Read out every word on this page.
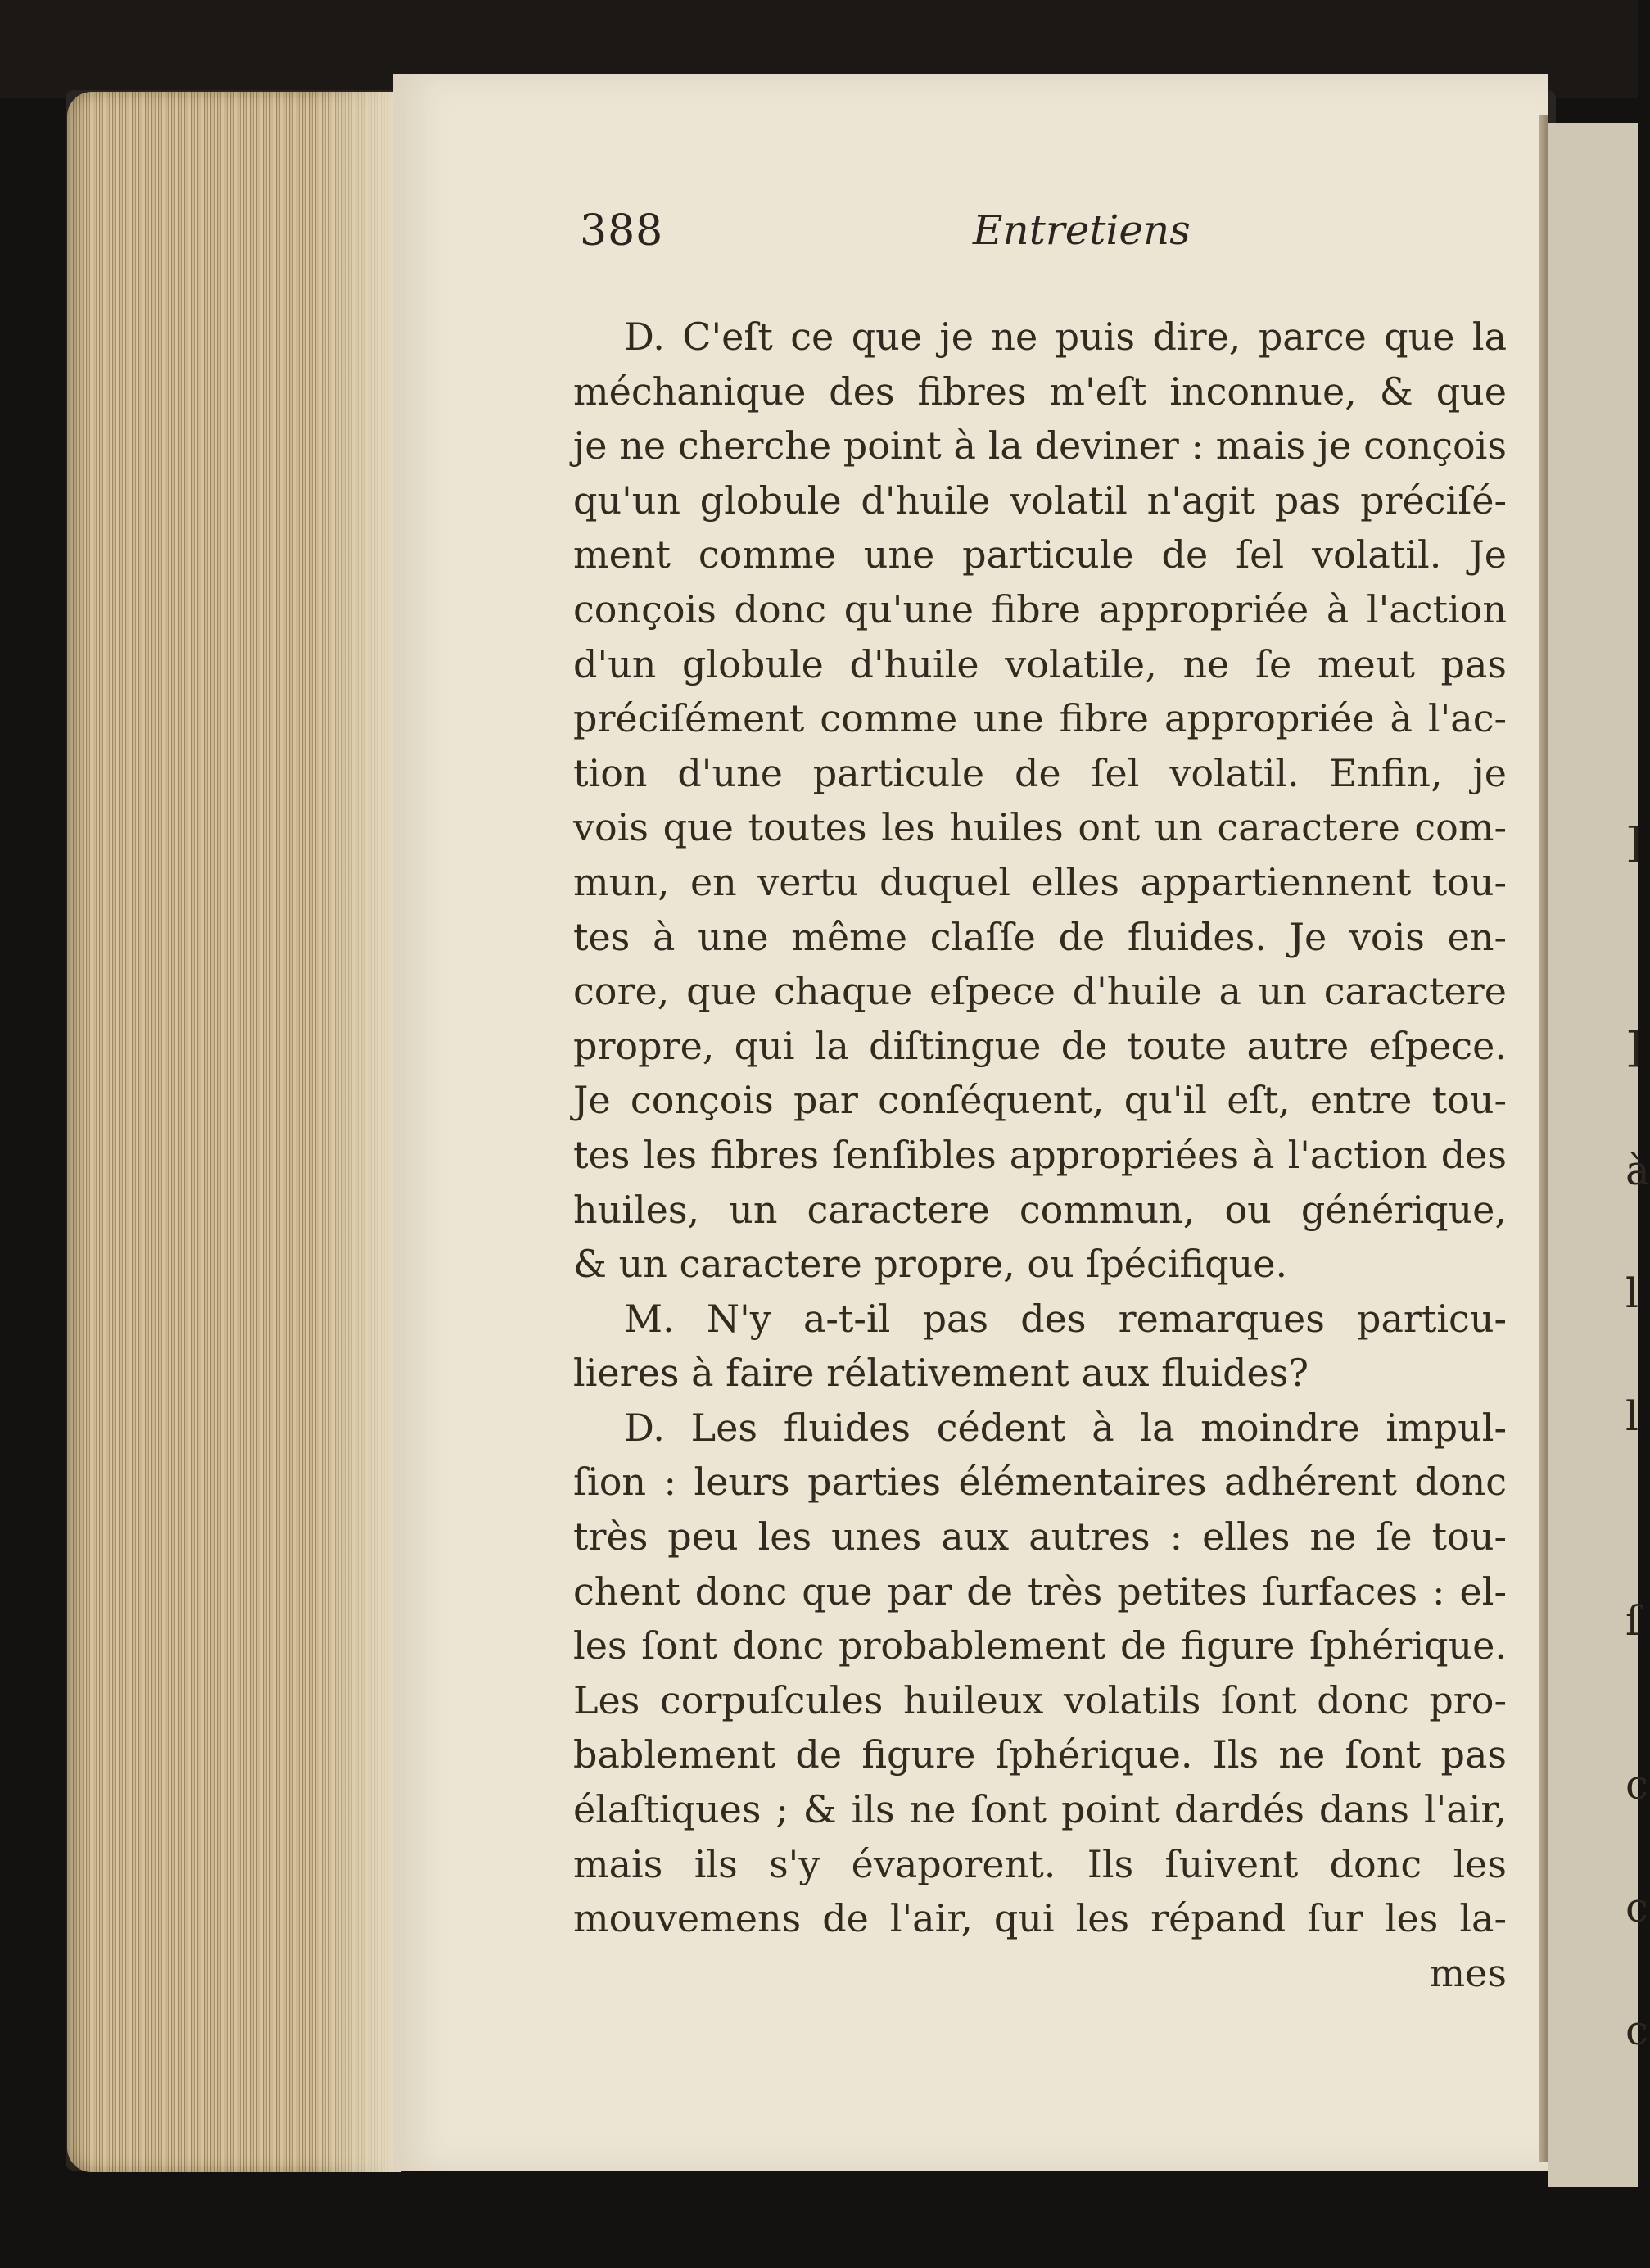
]
]
à
l
l
ſ
c
c
c
388	Entretiens
D. C'eſt ce que je ne puis dire, parce que la
méchanique des fibres m'eſt inconnue, & que
je ne cherche point à la deviner : mais je conçois
qu'un globule d'huile volatil n'agit pas préciſé-
ment comme une particule de ſel volatil. Je
conçois donc qu'une fibre appropriée à l'action
d'un globule d'huile volatile, ne ſe meut pas
préciſément comme une fibre appropriée à l'ac-
tion d'une particule de ſel volatil. Enfin, je
vois que toutes les huiles ont un caractere com-
mun, en vertu duquel elles appartiennent tou-
tes à une même claſſe de fluides. Je vois en-
core, que chaque eſpece d'huile a un caractere
propre, qui la diſtingue de toute autre eſpece.
Je conçois par conſéquent, qu'il eſt, entre tou-
tes les fibres ſenſibles appropriées à l'action des
huiles, un caractere commun, ou générique,
& un caractere propre, ou ſpécifique.
M. N'y a-t-il pas des remarques particu-
lieres à faire rélativement aux fluides?
D. Les fluides cédent à la moindre impul-
ſion : leurs parties élémentaires adhérent donc
très peu les unes aux autres : elles ne ſe tou-
chent donc que par de très petites ſurfaces : el-
les ſont donc probablement de figure ſphérique.
Les corpuſcules huileux volatils ſont donc pro-
bablement de figure ſphérique. Ils ne ſont pas
élaſtiques ; & ils ne ſont point dardés dans l'air,
mais ils s'y évaporent. Ils ſuivent donc les
mouvemens de l'air, qui les répand ſur les la-
mes
